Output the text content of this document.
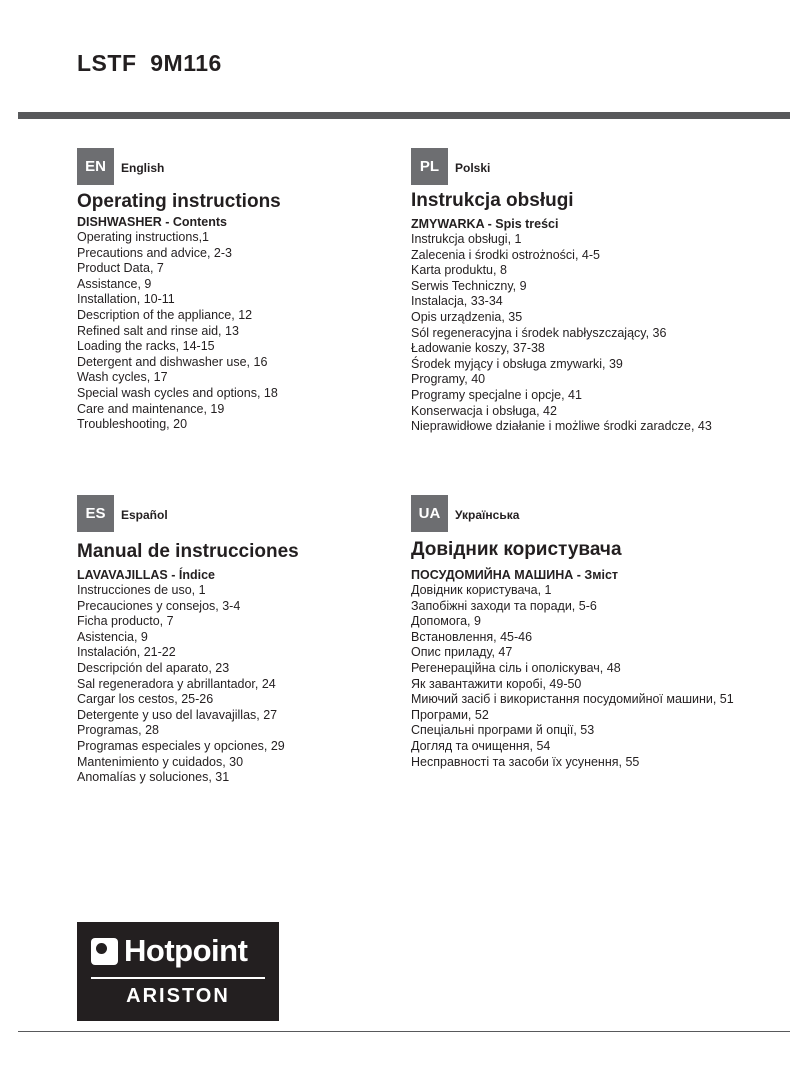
LSTF  9M116
EN	English
Operating instructions
DISHWASHER - Contents
Operating instructions,1
Precautions and advice, 2-3
Product Data, 7
Assistance, 9
Installation, 10-11
Description of the appliance, 12
Refined salt and rinse aid, 13
Loading the racks, 14-15
Detergent and dishwasher use, 16
Wash cycles, 17
Special wash cycles and options, 18
Care and maintenance, 19
Troubleshooting, 20
PL	Polski
Instrukcja obsługi
ZMYWARKA - Spis treści
Instrukcja obsługi, 1
Zalecenia i środki ostrożności, 4-5
Karta produktu, 8
Serwis Techniczny, 9
Instalacja, 33-34
Opis urządzenia, 35
Sól regeneracyjna i środek nabłyszczający, 36
Ładowanie koszy, 37-38
Środek myjący i obsługa zmywarki, 39
Programy, 40
Programy specjalne i opcje, 41
Konserwacja i obsługa, 42
Nieprawidłowe działanie i możliwe środki zaradcze, 43
ES	Español
Manual de instrucciones
LAVAVAJILLAS - Índice
Instrucciones de uso, 1
Precauciones y consejos, 3-4
Ficha producto, 7
Asistencia, 9
Instalación, 21-22
Descripción del aparato, 23
Sal regeneradora y abrillantador, 24
Cargar los cestos, 25-26
Detergente y uso del lavavajillas, 27
Programas, 28
Programas especiales y opciones, 29
Mantenimiento y cuidados, 30
Anomalías y soluciones, 31
UA	Українська
Довідник користувача
ПОСУДОМИЙНА МАШИНА - Зміст
Довідник користувача, 1
Запобіжні заходи та поради, 5-6
Допомога, 9
Встановлення, 45-46
Опис приладу, 47
Регенераційна сіль і ополіскувач, 48
Як завантажити коробі, 49-50
Миючий засіб і використання посудомийної машини, 51
Програми, 52
Спеціальні програми й опції, 53
Догляд та очищення, 54
Несправності та засоби їх усунення, 55
Hotpoint
ARISTON
